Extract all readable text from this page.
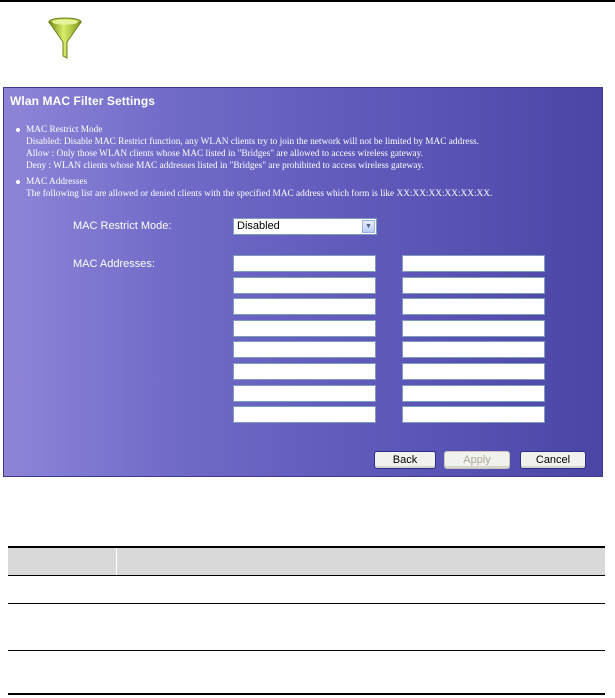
Wlan MAC Filter Settings
MAC Restrict Mode
Disabled: Disable MAC Restrict function, any WLAN clients try to join the network will not be limited by MAC address.
Allow : Only those WLAN clients whose MAC listed in "Bridges" are allowed to access wireless gateway.
Deny : WLAN clients whose MAC addresses listed in "Bridges" are prohibited to access wireless gateway.
MAC Addresses
The following list are allowed or denied clients with the specified MAC address which form is like XX:XX:XX:XX:XX:XX.
MAC Restrict Mode:	Disabled	▼
MAC Addresses:
Back	Apply	Cancel
